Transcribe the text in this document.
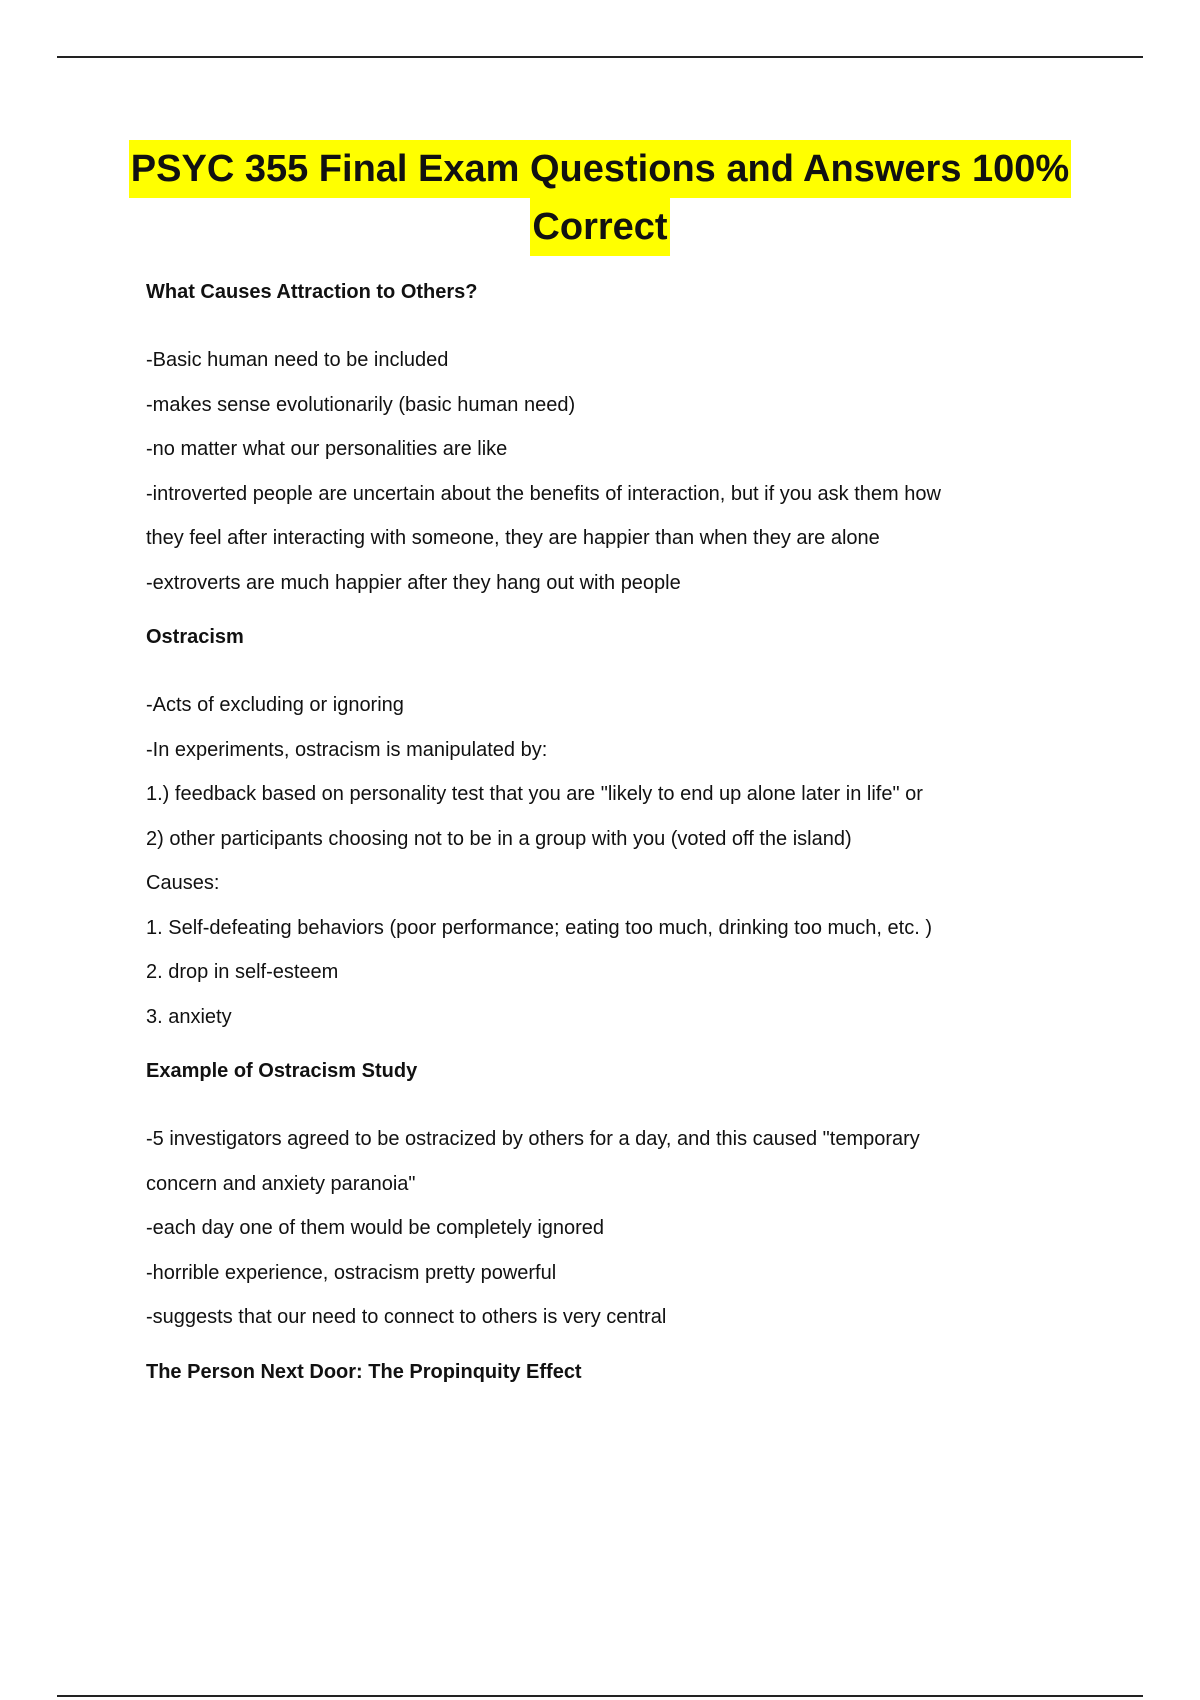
PSYC 355 Final Exam Questions and Answers 100%
Correct

What Causes Attraction to Others?

-Basic human need to be included

-makes sense evolutionarily (basic human need)

-no matter what our personalities are like

-introverted people are uncertain about the benefits of interaction, but if you ask them how

they feel after interacting with someone, they are happier than when they are alone

-extroverts are much happier after they hang out with people

Ostracism

-Acts of excluding or ignoring

-In experiments, ostracism is manipulated by:

1.) feedback based on personality test that you are "likely to end up alone later in life" or

2) other participants choosing not to be in a group with you (voted off the island)

Causes:

1. Self-defeating behaviors (poor performance; eating too much, drinking too much, etc. )

2. drop in self-esteem

3. anxiety

Example of Ostracism Study

-5 investigators agreed to be ostracized by others for a day, and this caused "temporary

concern and anxiety paranoia"

-each day one of them would be completely ignored

-horrible experience, ostracism pretty powerful

-suggests that our need to connect to others is very central

The Person Next Door: The Propinquity Effect
